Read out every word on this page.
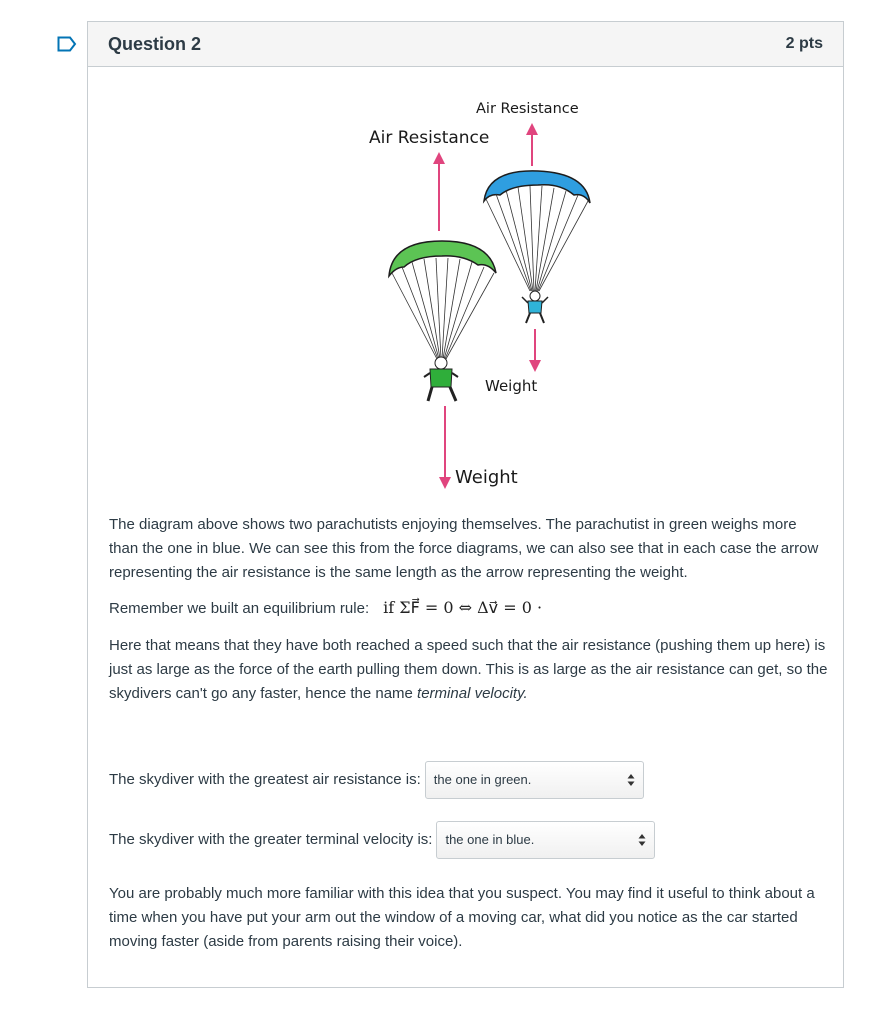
Question 2	2 pts
Air Resistance
Air Resistance
Weight
Weight

The diagram above shows two parachutists enjoying themselves. The parachutist in green weighs more than the one in blue. We can see this from the force diagrams, we can also see that in each case the arrow representing the air resistance is the same length as the arrow representing the weight.

Remember we built an equilibrium rule: if ΣF⃗ = 0 ⇔ Δv⃗ = 0 ·

Here that means that they have both reached a speed such that the air resistance (pushing them up here) is just as large as the force of the earth pulling them down. This is as large as the air resistance can get, so the skydivers can't go any faster, hence the name terminal velocity.

The skydiver with the greatest air resistance is:	the one in green.

The skydiver with the greater terminal velocity is:	the one in blue.

You are probably much more familiar with this idea that you suspect. You may find it useful to think about a time when you have put your arm out the window of a moving car, what did you notice as the car started moving faster (aside from parents raising their voice).
